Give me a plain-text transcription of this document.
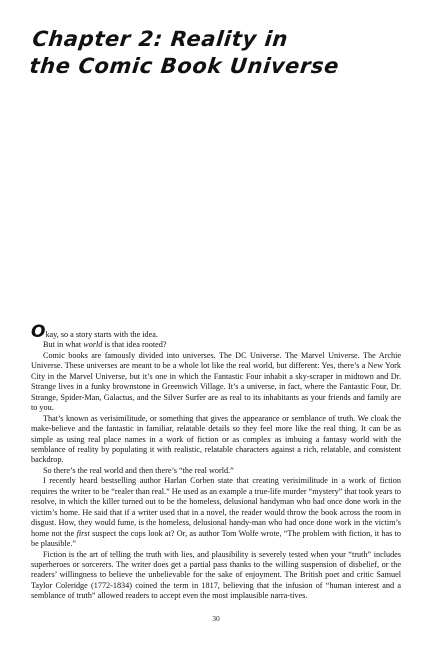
Chapter 2: Reality in
the Comic Book Universe

Okay, so a story starts with the idea.

But in what world is that idea rooted?

Comic books are famously divided into universes. The DC Universe. The Marvel Universe. The Archie Universe. These universes are meant to be a whole lot like the real world, but different: Yes, there’s a New York City in the Marvel Universe, but it’s one in which the Fantastic Four inhabit a sky-scraper in midtown and Dr. Strange lives in a funky brownstone in Greenwich Village. It’s a universe, in fact, where the Fantastic Four, Dr. Strange, Spider-Man, Galactus, and the Silver Surfer are as real to its inhabitants as your friends and family are to you.

That’s known as verisimilitude, or something that gives the appearance or semblance of truth. We cloak the make-believe and the fantastic in familiar, relatable details so they feel more like the real thing. It can be as simple as using real place names in a work of fiction or as complex as imbuing a fantasy world with the semblance of reality by populating it with realistic, relatable characters against a rich, relatable, and consistent backdrop.

So there’s the real world and then there’s “the real world.”

I recently heard bestselling author Harlan Corben state that creating verisimilitude in a work of fiction requires the writer to be “realer than real.” He used as an example a true-life murder “mystery” that took years to resolve, in which the killer turned out to be the homeless, delusional handyman who had once done work in the victim’s home. He said that if a writer used that in a novel, the reader would throw the book across the room in disgust. How, they would fume, is the homeless, delusional handy-man who had once done work in the victim’s home not the first suspect the cops look at? Or, as author Tom Wolfe wrote, “The problem with fiction, it has to be plausible.”

Fiction is the art of telling the truth with lies, and plausibility is severely tested when your “truth” includes superheroes or sorcerers. The writer does get a partial pass thanks to the willing suspension of disbelief, or the readers’ willingness to believe the unbelievable for the sake of enjoyment. The British poet and critic Samuel Taylor Coleridge (1772-1834) coined the term in 1817, believing that the infusion of “human interest and a semblance of truth” allowed readers to accept even the most implausible narra-tives.

30
